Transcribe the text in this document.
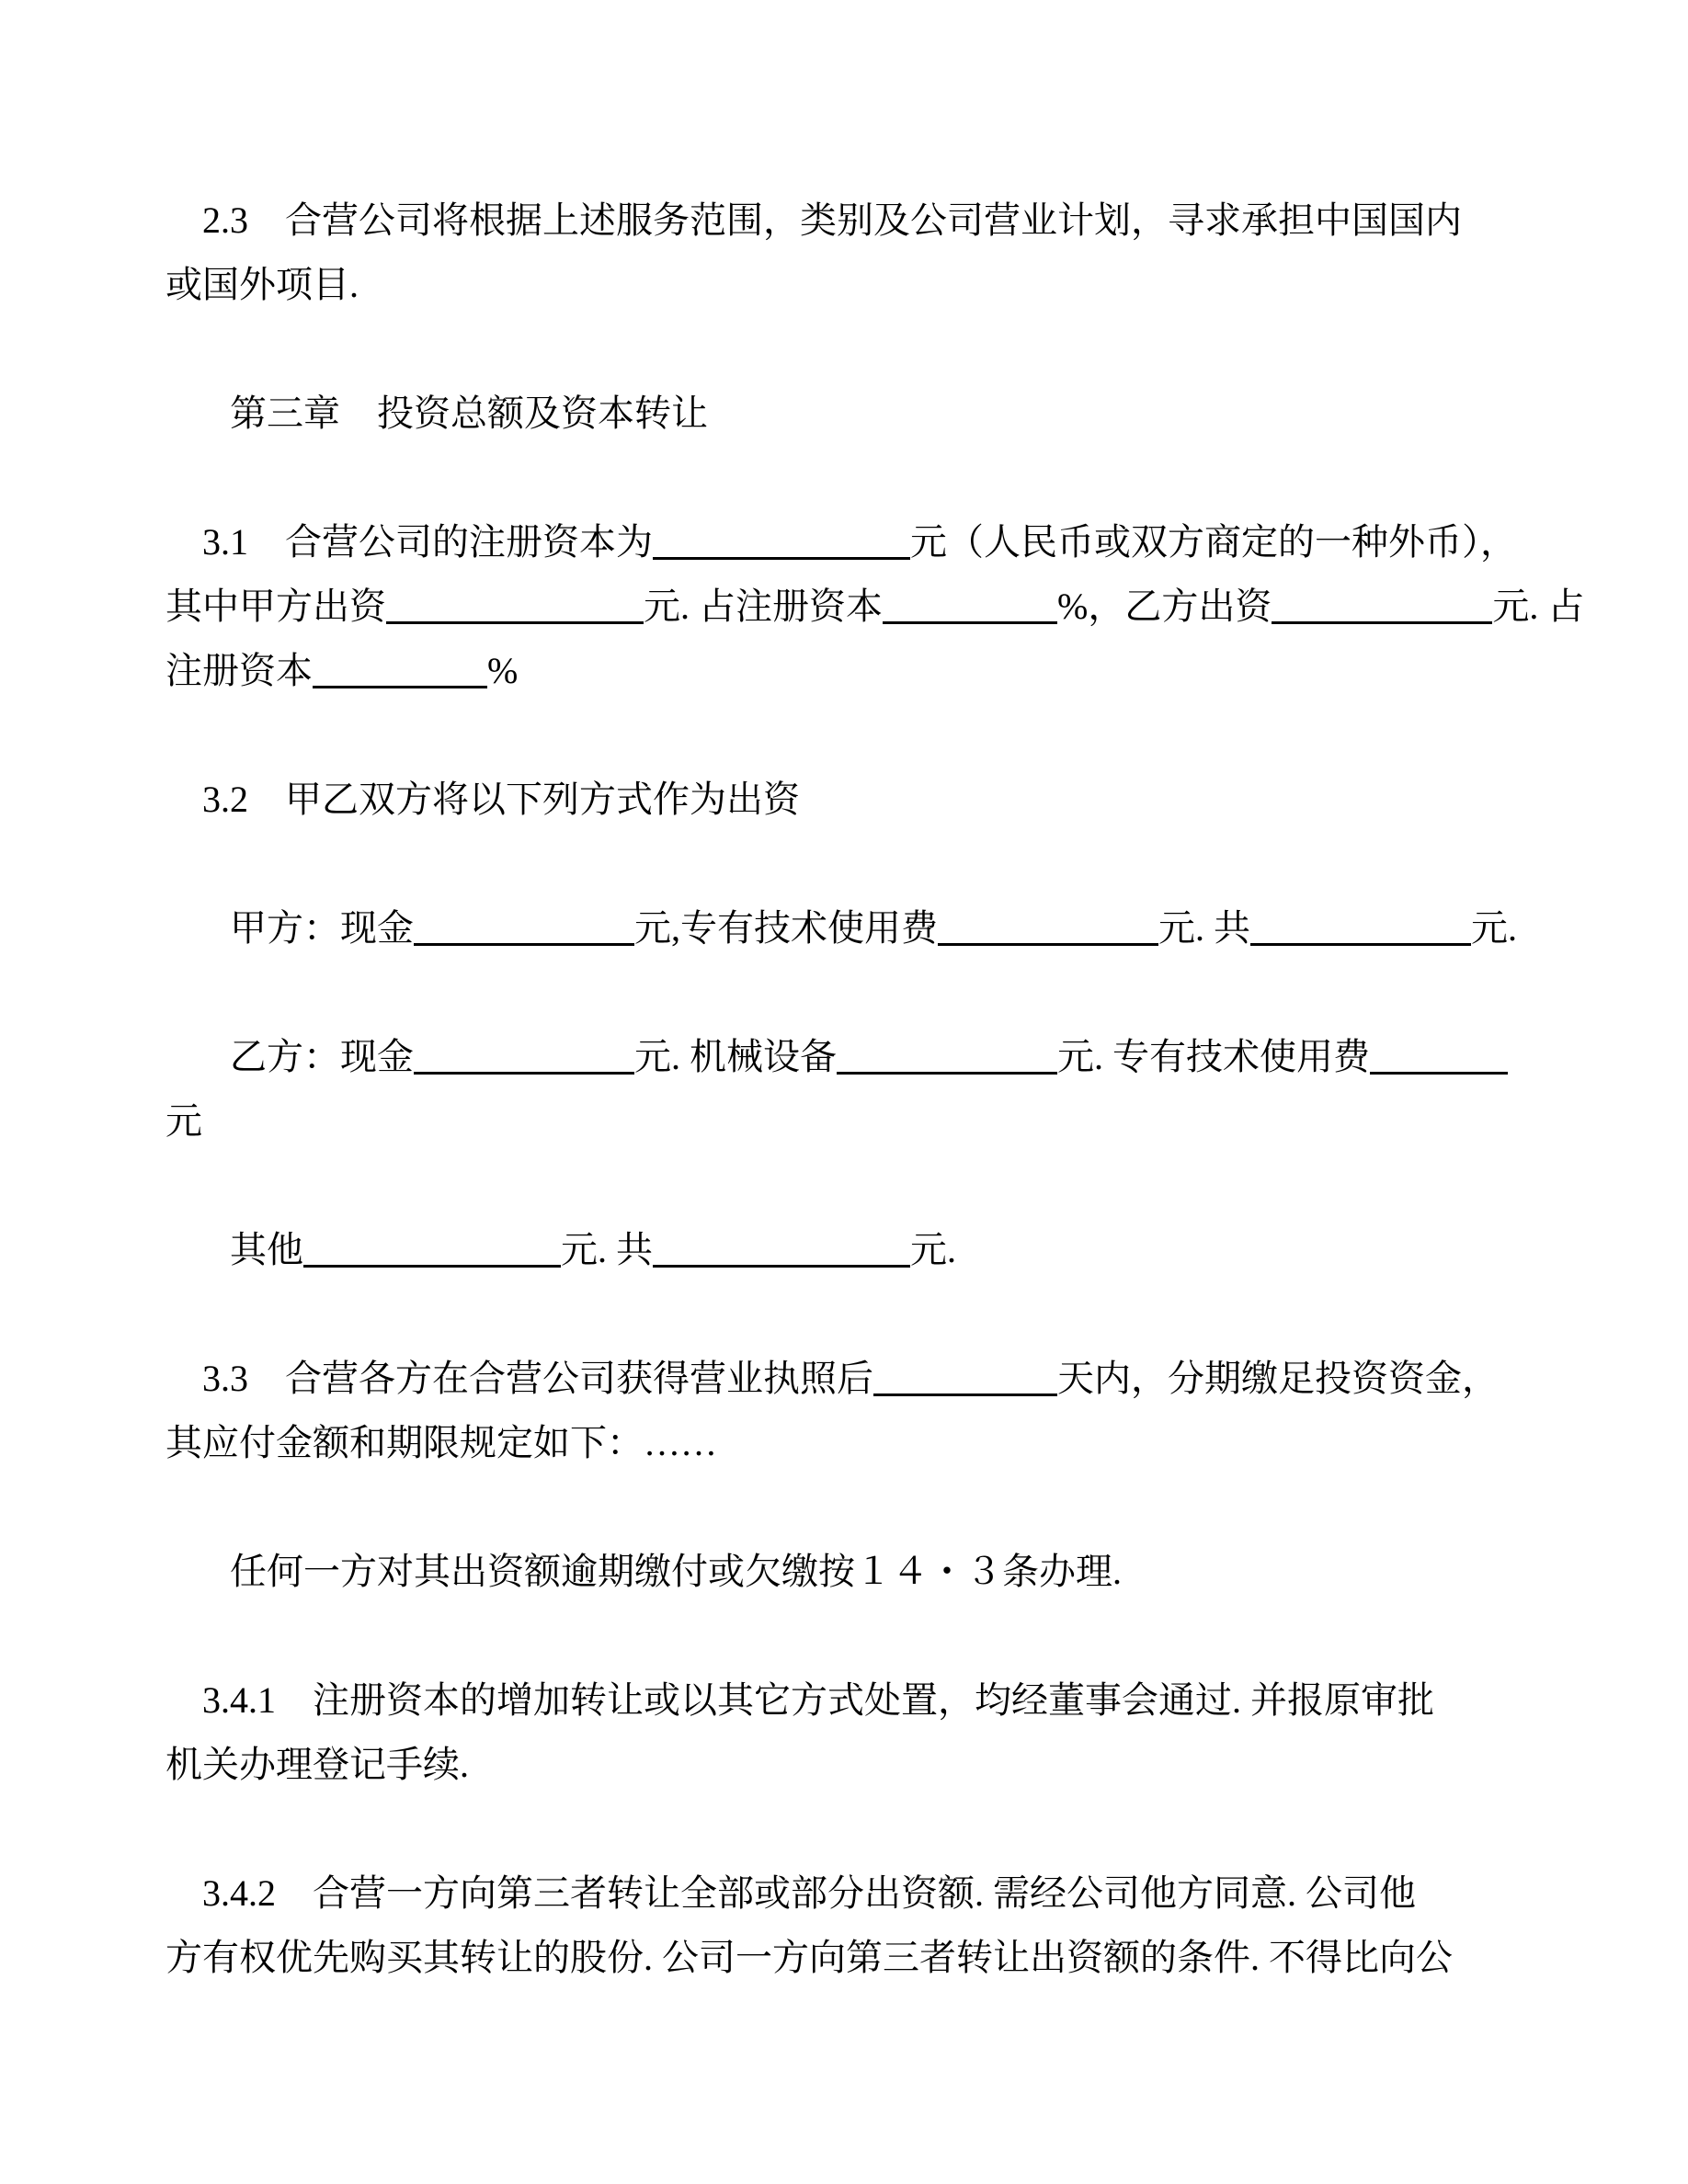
2.3    合营公司将根据上述服务范围，类别及公司营业计划，寻求承担中国国内
或国外项目.
第三章    投资总额及资本转让
3.1    合营公司的注册资本为	元（人民币或双方商定的一种外币），
其中甲方出资	元. 占注册资本	%，乙方出资	元. 占
注册资本	%
3.2    甲乙双方将以下列方式作为出资
甲方：现金	元,专有技术使用费	元. 共	元.
乙方：现金	元. 机械设备	元. 专有技术使用费
元
其他	元. 共	元.
3.3    合营各方在合营公司获得营业执照后	天内，分期缴足投资资金，
其应付金额和期限规定如下：……
任何一方对其出资额逾期缴付或欠缴按１４・３条办理.
3.4.1    注册资本的增加转让或以其它方式处置，均经董事会通过. 并报原审批
机关办理登记手续.
3.4.2    合营一方向第三者转让全部或部分出资额. 需经公司他方同意. 公司他
方有权优先购买其转让的股份. 公司一方向第三者转让出资额的条件. 不得比向公
